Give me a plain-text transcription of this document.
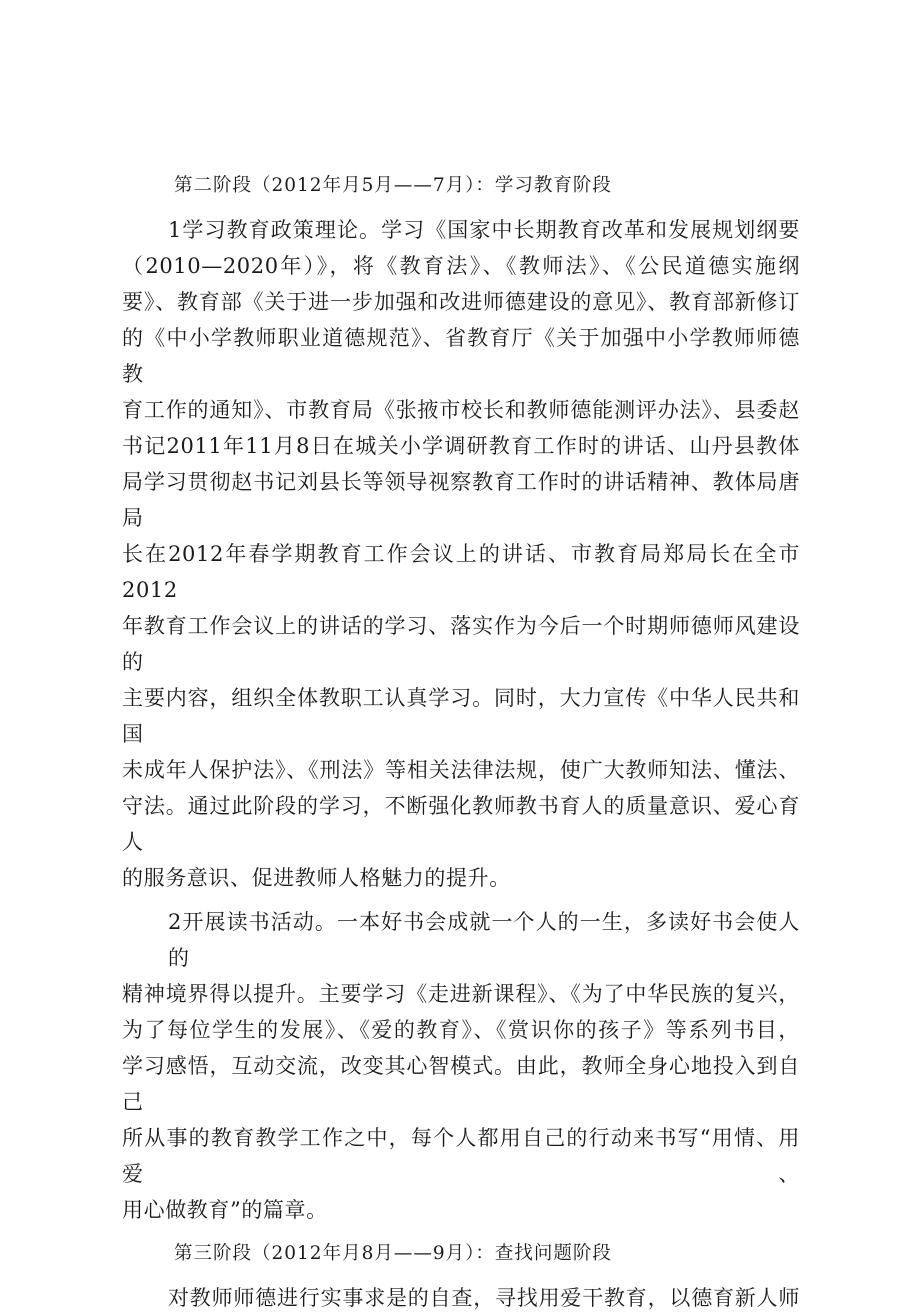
第二阶段（2012年月5月——7月）：学习教育阶段

1学习教育政策理论。学习《国家中长期教育改革和发展规划纲要

（2010—2020年）》，将《教育法》、《教师法》、《公民道德实施纲

要》、教育部《关于进一步加强和改进师德建设的意见》、教育部新修订

的《中小学教师职业道德规范》、省教育厅《关于加强中小学教师师德教

育工作的通知》、市教育局《张掖市校长和教师德能测评办法》、县委赵

书记2011年11月8日在城关小学调研教育工作时的讲话、山丹县教体

局学习贯彻赵书记刘县长等领导视察教育工作时的讲话精神、教体局唐局

长在2012年春学期教育工作会议上的讲话、市教育局郑局长在全市2012

年教育工作会议上的讲话的学习、落实作为今后一个时期师德师风建设的

主要内容，组织全体教职工认真学习。同时，大力宣传《中华人民共和国

未成年人保护法》、《刑法》等相关法律法规，使广大教师知法、懂法、

守法。通过此阶段的学习，不断强化教师教书育人的质量意识、爱心育人

的服务意识、促进教师人格魅力的提升。

2开展读书活动。一本好书会成就一个人的一生，多读好书会使人的

精神境界得以提升。主要学习《走进新课程》、《为了中华民族的复兴，

为了每位学生的发展》、《爱的教育》、《赏识你的孩子》等系列书目，

学习感悟，互动交流，改变其心智模式。由此，教师全身心地投入到自己

所从事的教育教学工作之中，每个人都用自己的行动来书写“用情、用爱、

用心做教育”的篇章。

第三阶段（2012年月8月——9月）：查找问题阶段

对教师师德进行实事求是的自查，寻找用爱干教育，以德育新人师
